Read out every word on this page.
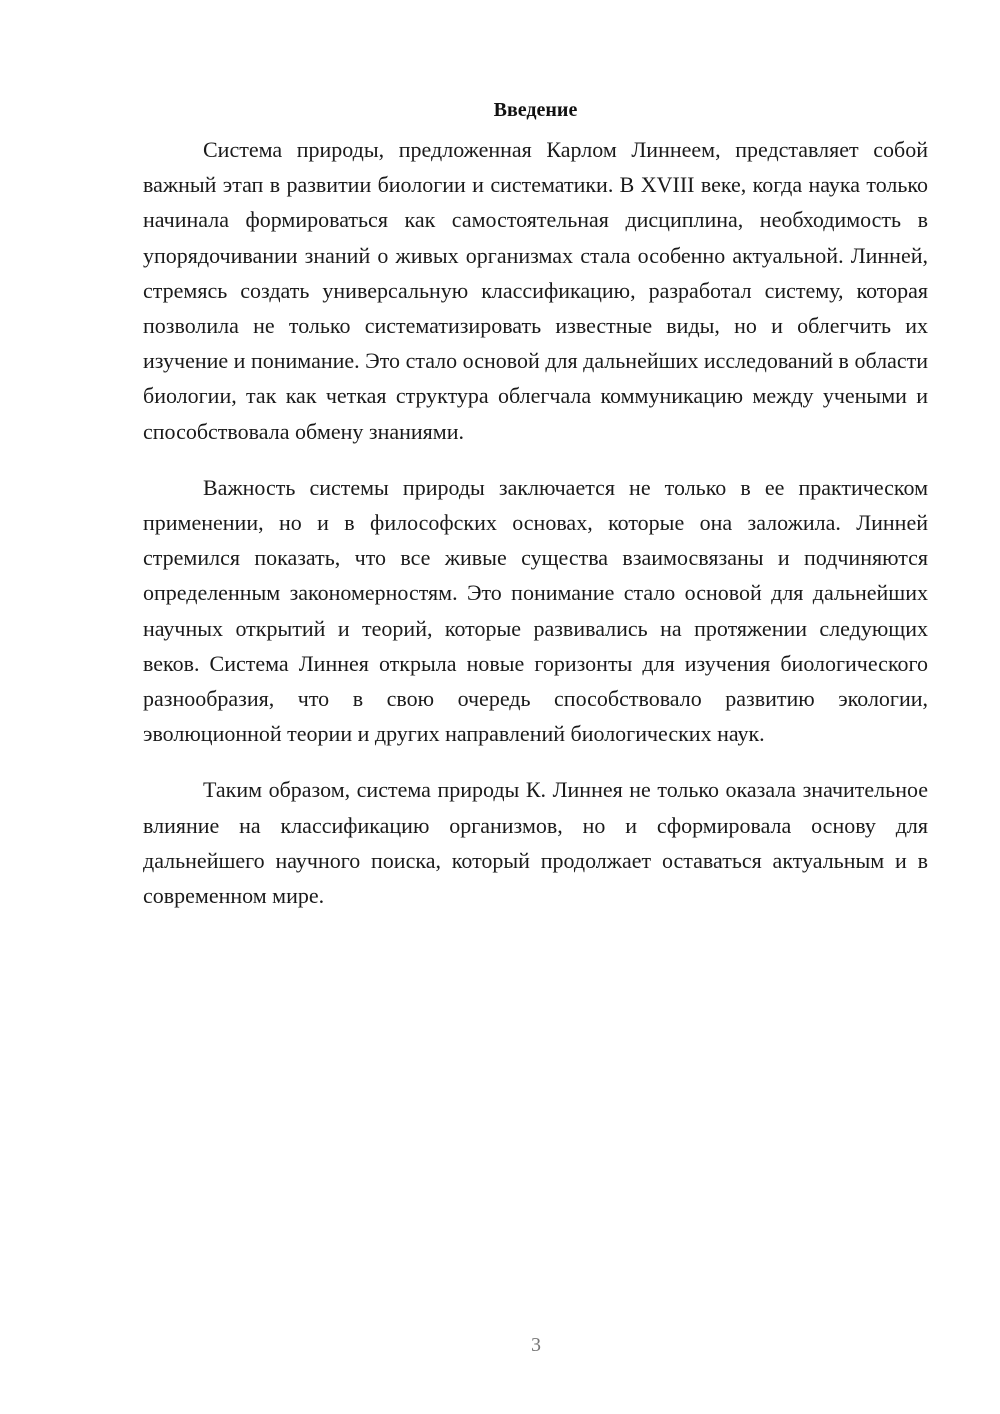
Введение

Система природы, предложенная Карлом Линнеем, представляет собой важный этап в развитии биологии и систематики. В XVIII веке, когда наука только начинала формироваться как самостоятельная дисциплина, необходимость в упорядочивании знаний о живых организмах стала особенно актуальной. Линней, стремясь создать универсальную классификацию, разработал систему, которая позволила не только систематизировать известные виды, но и облегчить их изучение и понимание. Это стало основой для дальнейших исследований в области биологии, так как четкая структура облегчала коммуникацию между учеными и способствовала обмену знаниями.

Важность системы природы заключается не только в ее практическом применении, но и в философских основах, которые она заложила. Линней стремился показать, что все живые существа взаимосвязаны и подчиняются определенным закономерностям. Это понимание стало основой для дальнейших научных открытий и теорий, которые развивались на протяжении следующих веков. Система Линнея открыла новые горизонты для изучения биологического разнообразия, что в свою очередь способствовало развитию экологии, эволюционной теории и других направлений биологических наук.

Таким образом, система природы К. Линнея не только оказала значительное влияние на классификацию организмов, но и сформировала основу для дальнейшего научного поиска, который продолжает оставаться актуальным и в современном мире.

3
